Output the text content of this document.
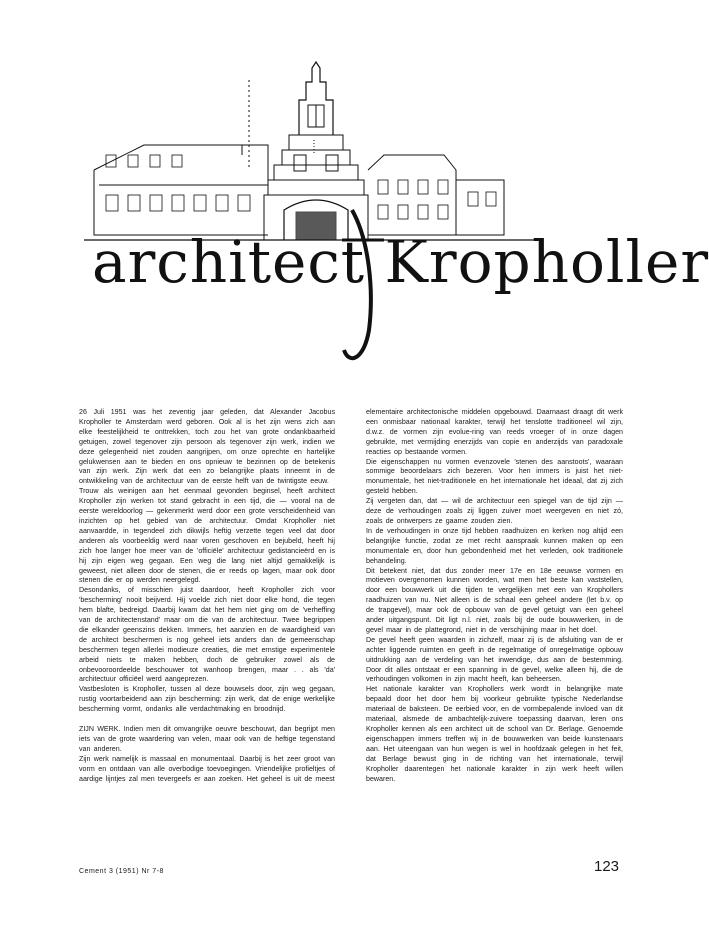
architect Kropholler

26 Juli 1951 was het zeventig jaar geleden, dat Alexander Jacobus Kropholler te Amsterdam werd geboren. Ook al is het zijn wens zich aan elke feestelijkheid te onttrekken, toch zou het van grote ondankbaarheid getuigen, zowel tegenover zijn persoon als tegenover zijn werk, indien we deze gelegenheid niet zouden aangrijpen, om onze oprechte en hartelijke gelukwensen aan te bieden en ons opnieuw te bezinnen op de betekenis van zijn werk. Zijn werk dat een zo belangrijke plaats inneemt in de ontwikkeling van de architectuur van de eerste helft van de twintigste eeuw.

Trouw als weinigen aan het eenmaal gevonden beginsel, heeft architect Kropholler zijn werken tot stand gebracht in een tijd, die — vooral na de eerste wereldoorlog — gekenmerkt werd door een grote verscheidenheid van inzichten op het gebied van de architectuur. Omdat Kropholler niet aanvaardde, in tegendeel zich dikwijls heftig verzette tegen veel dat door anderen als voorbeeldig werd naar voren geschoven en bejubeld, heeft hij zich hoe langer hoe meer van de 'officiële' architectuur gedistancieërd en is hij zijn eigen weg gegaan. Een weg die lang niet altijd gemakkelijk is geweest, niet alleen door de stenen, die er reeds op lagen, maar ook door stenen die er op werden neergelegd.

Desondanks, of misschien juist daardoor, heeft Kropholler zich voor 'bescherming' nooit beijverd. Hij voelde zich niet door elke hond, die tegen hem blafte, bedreigd. Daarbij kwam dat het hem niet ging om de 'verheffing van de architectenstand' maar om die van de architectuur. Twee begrippen die elkander geenszins dekken. Immers, het aanzien en de waardigheid van de architect beschermen is nog geheel iets anders dan de gemeenschap beschermen tegen allerlei modieuze creaties, die met ernstige experimentele arbeid niets te maken hebben, doch de gebruiker zowel als de onbevooroordeelde beschouwer tot wanhoop brengen, maar . . als 'da' architectuur officiëel werd aangeprezen.

Vastbesloten is Kropholler, tussen al deze bouwsels door, zijn weg gegaan, rustig voortarbeidend aan zijn bescherming: zijn werk, dat de enige werkelijke bescherming vormt, ondanks alle verdachtmaking en broodnijd.

ZIJN WERK. Indien men dit omvangrijke oeuvre beschouwt, dan begrijpt men iets van de grote waardering van velen, maar ook van de heftige tegenstand van anderen.

Zijn werk namelijk is massaal en monumentaal. Daarbij is het zeer groot van vorm en ontdaan van alle overbodige toevoegingen. Vriendelijke profieltjes of aardige lijntjes zal men tevergeefs er aan zoeken. Het geheel is uit de meest

elementaire architectonische middelen opgebouwd. Daarnaast draagt dit werk een onmisbaar nationaal karakter, terwijl het tenslotte traditioneel wil zijn, d.w.z. de vormen zijn evolue-ring van reeds vroeger of in onze dagen gebruikte, met vermijding enerzijds van copie en anderzijds van paradoxale reacties op bestaande vormen.

Die eigenschappen nu vormen evenzovele 'stenen des aanstoots', waaraan sommige beoordelaars zich bezeren. Voor hen immers is juist het niet-monumentale, het niet-traditionele en het internationale het ideaal, dat zij zich gesteld hebben.

Zij vergeten dan, dat — wil de architectuur een spiegel van de tijd zijn — deze de verhoudingen zoals zij liggen zuiver moet weergeven en niet zó, zoals de ontwerpers ze gaarne zouden zien.

In de verhoudingen in onze tijd hebben raadhuizen en kerken nog altijd een belangrijke functie, zodat ze met recht aanspraak kunnen maken op een monumentale en, door hun gebondenheid met het verleden, ook traditionele behandeling.

Dit betekent niet, dat dus zonder meer 17e en 18e eeuwse vormen en motieven overgenomen kunnen worden, wat men het beste kan vaststellen, door een bouwwerk uit die tijden te vergelijken met een van Krophollers raadhuizen van nu. Niet alleen is de schaal een geheel andere (let b.v. op de trapgevel), maar ook de opbouw van de gevel getuigt van een geheel ander uitgangspunt. Dit ligt n.l. niet, zoals bij de oude bouwwerken, in de gevel maar in de plattegrond, niet in de verschijning maar in het doel.

De gevel heeft geen waarden in zichzelf, maar zij is de afsluiting van de er achter liggende ruimten en geeft in de regelmatige of onregelmatige opbouw uitdrukking aan de verdeling van het inwendige, dus aan de bestemming. Door dit alles ontstaat er een spanning in de gevel, welke alleen hij, die de verhoudingen volkomen in zijn macht heeft, kan beheersen.

Het nationale karakter van Krophollers werk wordt in belangrijke mate bepaald door het door hem bij voorkeur gebruikte typische Nederlandse materiaal de baksteen. De eerbied voor, en de vormbepalende invloed van dit materiaal, alsmede de ambachtelijk-zuivere toepassing daarvan, leren ons Kropholler kennen als een architect uit de school van Dr. Berlage. Genoemde eigenschappen immers treffen wij in de bouwwerken van beide kunstenaars aan. Het uiteengaan van hun wegen is wel in hoofdzaak gelegen in het feit, dat Berlage bewust ging in de richting van het internationale, terwijl Kropholler daarentegen het nationale karakter in zijn werk heeft willen bewaren.

Cement 3 (1951) Nr 7-8	123
